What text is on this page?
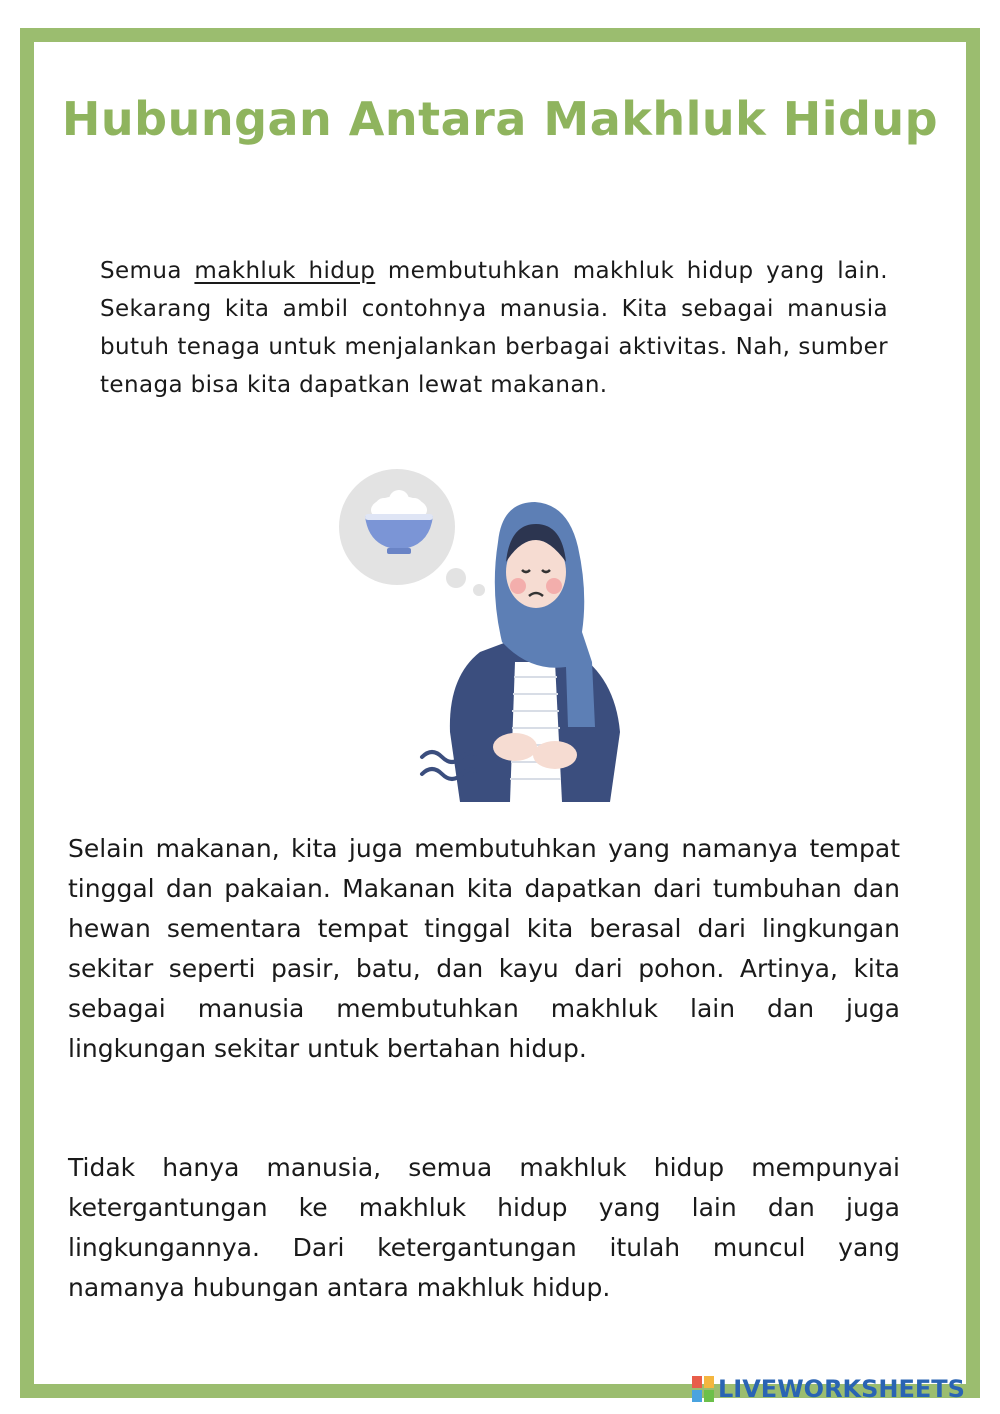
Hubungan Antara Makhluk Hidup

Semua makhluk hidup membutuhkan makhluk hidup yang lain. Sekarang kita ambil contohnya manusia. Kita sebagai manusia butuh tenaga untuk menjalankan berbagai aktivitas. Nah, sumber tenaga bisa kita dapatkan lewat makanan.

Selain makanan, kita juga membutuhkan yang namanya tempat tinggal dan pakaian. Makanan kita dapatkan dari tumbuhan dan hewan sementara tempat tinggal kita berasal dari lingkungan sekitar seperti pasir, batu, dan kayu dari pohon. Artinya, kita sebagai manusia membutuhkan makhluk lain dan juga lingkungan sekitar untuk bertahan hidup.

Tidak hanya manusia, semua makhluk hidup mempunyai ketergantungan ke makhluk hidup yang lain dan juga lingkungannya. Dari ketergantungan itulah muncul yang namanya hubungan antara makhluk hidup.

LIVEWORKSHEETS
